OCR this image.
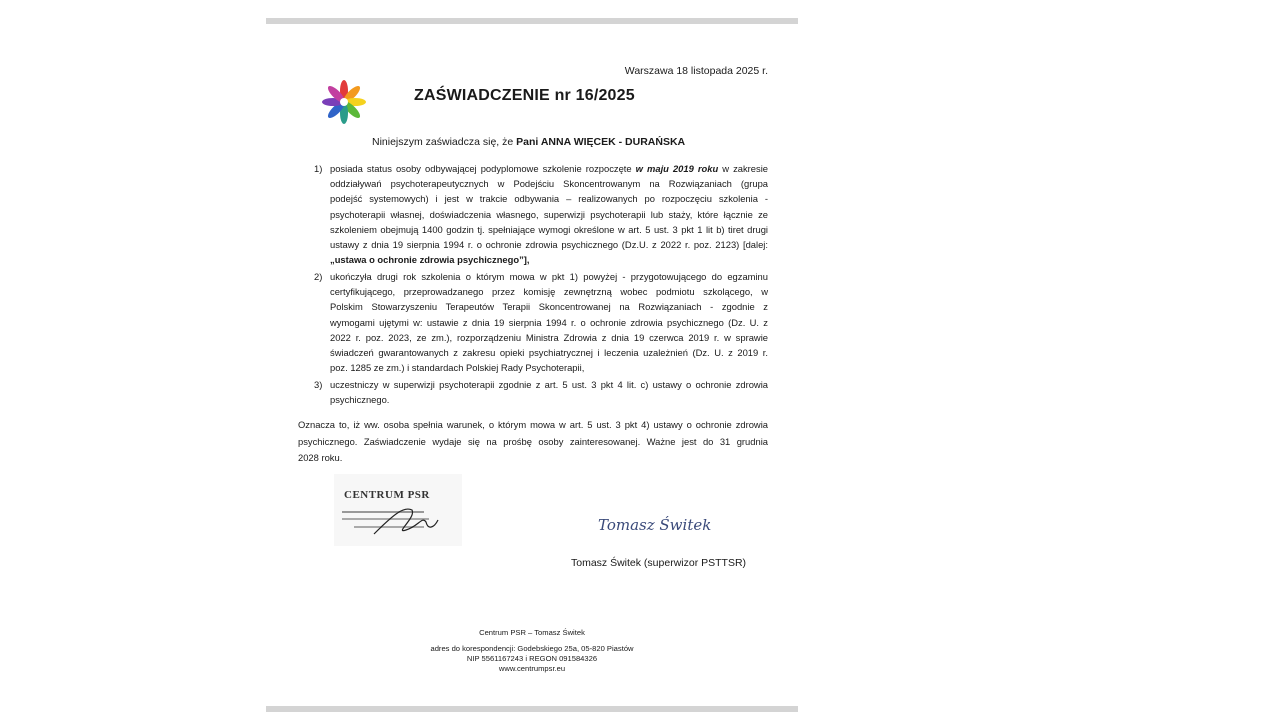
Warszawa 18 listopada 2025 r.
ZAŚWIADCZENIE nr 16/2025
Niniejszym zaświadcza się, że Pani ANNA WIĘCEK - DURAŃSKA
1) posiada status osoby odbywającej podyplomowe szkolenie rozpoczęte w maju 2019 roku w zakresie
oddziaływań psychoterapeutycznych w Podejściu Skoncentrowanym na Rozwiązaniach (grupa
podejść systemowych) i jest w trakcie odbywania – realizowanych po rozpoczęciu szkolenia -
psychoterapii własnej, doświadczenia własnego, superwizji psychoterapii lub staży, które łącznie ze
szkoleniem obejmują 1400 godzin tj. spełniające wymogi określone w art. 5 ust. 3 pkt 1 lit b) tiret drugi
ustawy z dnia 19 sierpnia 1994 r. o ochronie zdrowia psychicznego (Dz.U. z 2022 r. poz. 2123) [dalej:
„ustawa o ochronie zdrowia psychicznego”],
2) ukończyła drugi rok szkolenia o którym mowa w pkt 1) powyżej - przygotowującego do egzaminu
certyfikującego, przeprowadzanego przez komisję zewnętrzną wobec podmiotu szkolącego, w
Polskim Stowarzyszeniu Terapeutów Terapii Skoncentrowanej na Rozwiązaniach - zgodnie z
wymogami ujętymi w: ustawie z dnia 19 sierpnia 1994 r. o ochronie zdrowia psychicznego (Dz. U. z
2022 r. poz. 2023, ze zm.), rozporządzeniu Ministra Zdrowia z dnia 19 czerwca 2019 r. w sprawie
świadczeń gwarantowanych z zakresu opieki psychiatrycznej i leczenia uzależnień (Dz. U. z 2019 r.
poz. 1285 ze zm.) i standardach Polskiej Rady Psychoterapii,
3) uczestniczy w superwizji psychoterapii zgodnie z art. 5 ust. 3 pkt 4 lit. c) ustawy o ochronie zdrowia
psychicznego.
Oznacza to, iż ww. osoba spełnia warunek, o którym mowa w art. 5 ust. 3 pkt 4) ustawy o ochronie zdrowia
psychicznego. Zaświadczenie wydaje się na prośbę osoby zainteresowanej. Ważne jest do 31 grudnia
2028 roku.
CENTRUM PSR
Tomasz Świtek
Tomasz Świtek (superwizor PSTTSR)
Centrum PSR – Tomasz Świtek
adres do korespondencji: Godebskiego 25a, 05-820 Piastów
NIP 5561167243 i REGON 091584326
www.centrumpsr.eu
